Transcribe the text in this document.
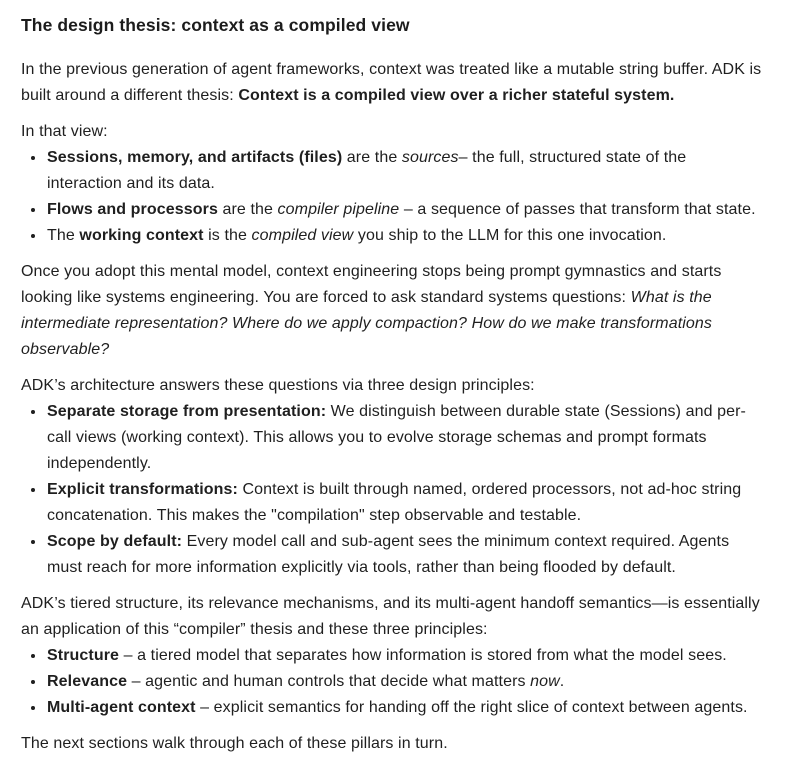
The design thesis: context as a compiled view

In the previous generation of agent frameworks, context was treated like a mutable string buffer. ADK is built around a different thesis: Context is a compiled view over a richer stateful system.

In that view:

• Sessions, memory, and artifacts (files) are the sources– the full, structured state of the interaction and its data.
• Flows and processors are the compiler pipeline – a sequence of passes that transform that state.
• The working context is the compiled view you ship to the LLM for this one invocation.

Once you adopt this mental model, context engineering stops being prompt gymnastics and starts looking like systems engineering. You are forced to ask standard systems questions: What is the intermediate representation? Where do we apply compaction? How do we make transformations observable?

ADK’s architecture answers these questions via three design principles:

• Separate storage from presentation: We distinguish between durable state (Sessions) and per-call views (working context). This allows you to evolve storage schemas and prompt formats independently.
• Explicit transformations: Context is built through named, ordered processors, not ad-hoc string concatenation. This makes the "compilation" step observable and testable.
• Scope by default: Every model call and sub-agent sees the minimum context required. Agents must reach for more information explicitly via tools, rather than being flooded by default.

ADK’s tiered structure, its relevance mechanisms, and its multi-agent handoff semantics—is essentially an application of this “compiler” thesis and these three principles:

• Structure – a tiered model that separates how information is stored from what the model sees.
• Relevance – agentic and human controls that decide what matters now.
• Multi-agent context – explicit semantics for handing off the right slice of context between agents.

The next sections walk through each of these pillars in turn.
